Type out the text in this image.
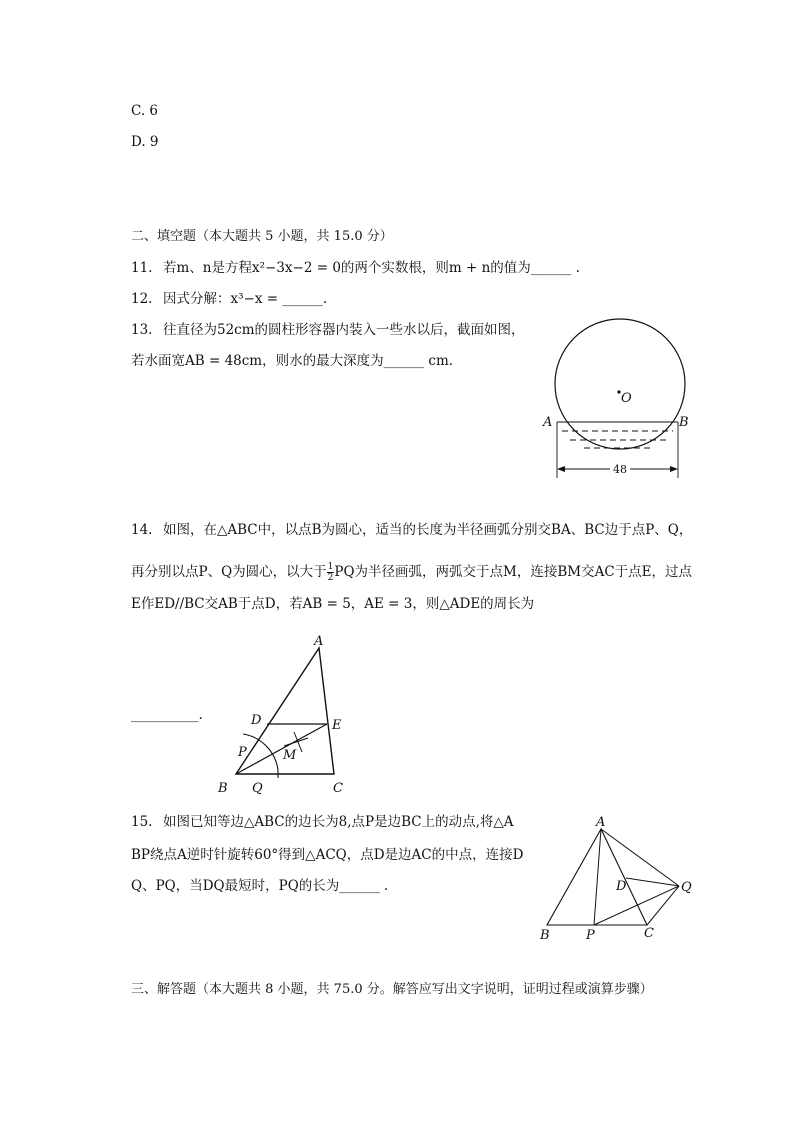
C. 6
D. 9
二、填空题（本大题共 5 小题，共 15.0 分）
11. 若m、n是方程x²−3x−2 = 0的两个实数根，则m + n的值为______ .
12. 因式分解：x³−x = ______.
13. 往直径为52cm的圆柱形容器内装入一些水以后，截面如图，
若水面宽AB = 48cm，则水的最大深度为______ cm.
O
A	B
48
14. 如图，在△ABC中，以点B为圆心，适当的长度为半径画弧分别交BA、BC边于点P、Q，
再分别以点P、Q为圆心，以大于 $\frac{1}{2}$ PQ为半径画弧，两弧交于点M，连接BM交AC于点E，过点
E作ED//BC交AB于点D，若AB = 5，AE = 3，则△ADE的周长为
__________.
A
D	E
P	M
B Q	C
15. 如图已知等边△ABC的边长为8,点P是边BC上的动点,将△A
BP绕点A逆时针旋转60°得到△ACQ，点D是边AC的中点，连接D
Q、PQ，当DQ最短时，PQ的长为______ .
A
D	Q
B	P	C
三、解答题（本大题共 8 小题，共 75.0 分。解答应写出文字说明，证明过程或演算步骤）
